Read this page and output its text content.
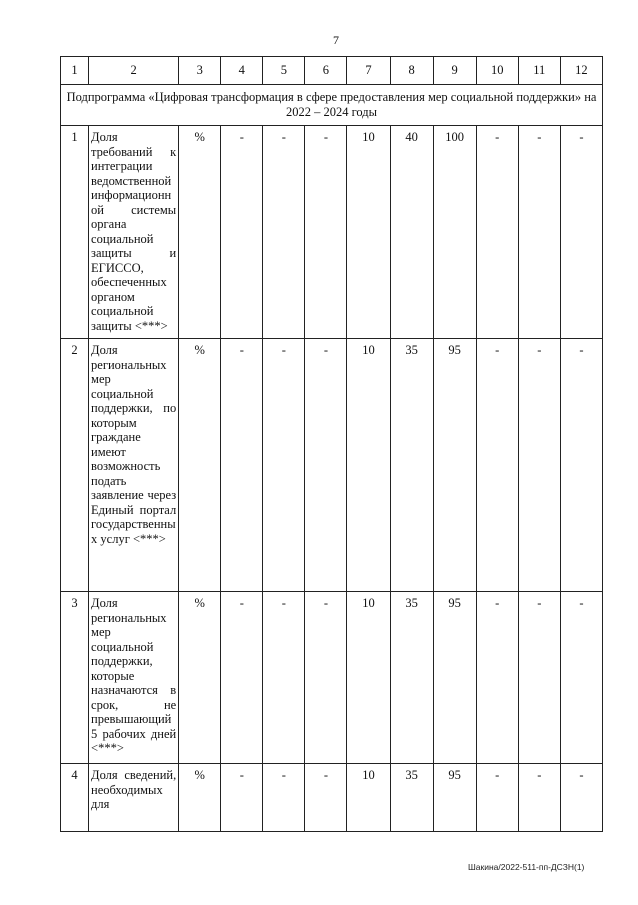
7
1	2	3	4	5	6	7	8	9	10	11	12
Подпрограмма «Цифровая трансформация в сфере предоставления мер социальной поддержки» на 2022 – 2024 годы											
1	Доля требований к интеграции ведомственной информационной системы органа социальной защиты и ЕГИССО, обеспеченных органом социальной защиты <***>	%	-	-	-	10	40	100	-	-	-
2	Доля региональных мер социальной поддержки, по которым граждане имеют возможность подать заявление через Единый портал государственных услуг <***>	%	-	-	-	10	35	95	-	-	-
3	Доля региональных мер социальной поддержки, которые назначаются в срок, не превышающий 5 рабочих дней <***>	%	-	-	-	10	35	95	-	-	-
4	Доля сведений, необходимых для	%	-	-	-	10	35	95	-	-	-
Шакина/2022-511-пп-ДСЗН(1)
